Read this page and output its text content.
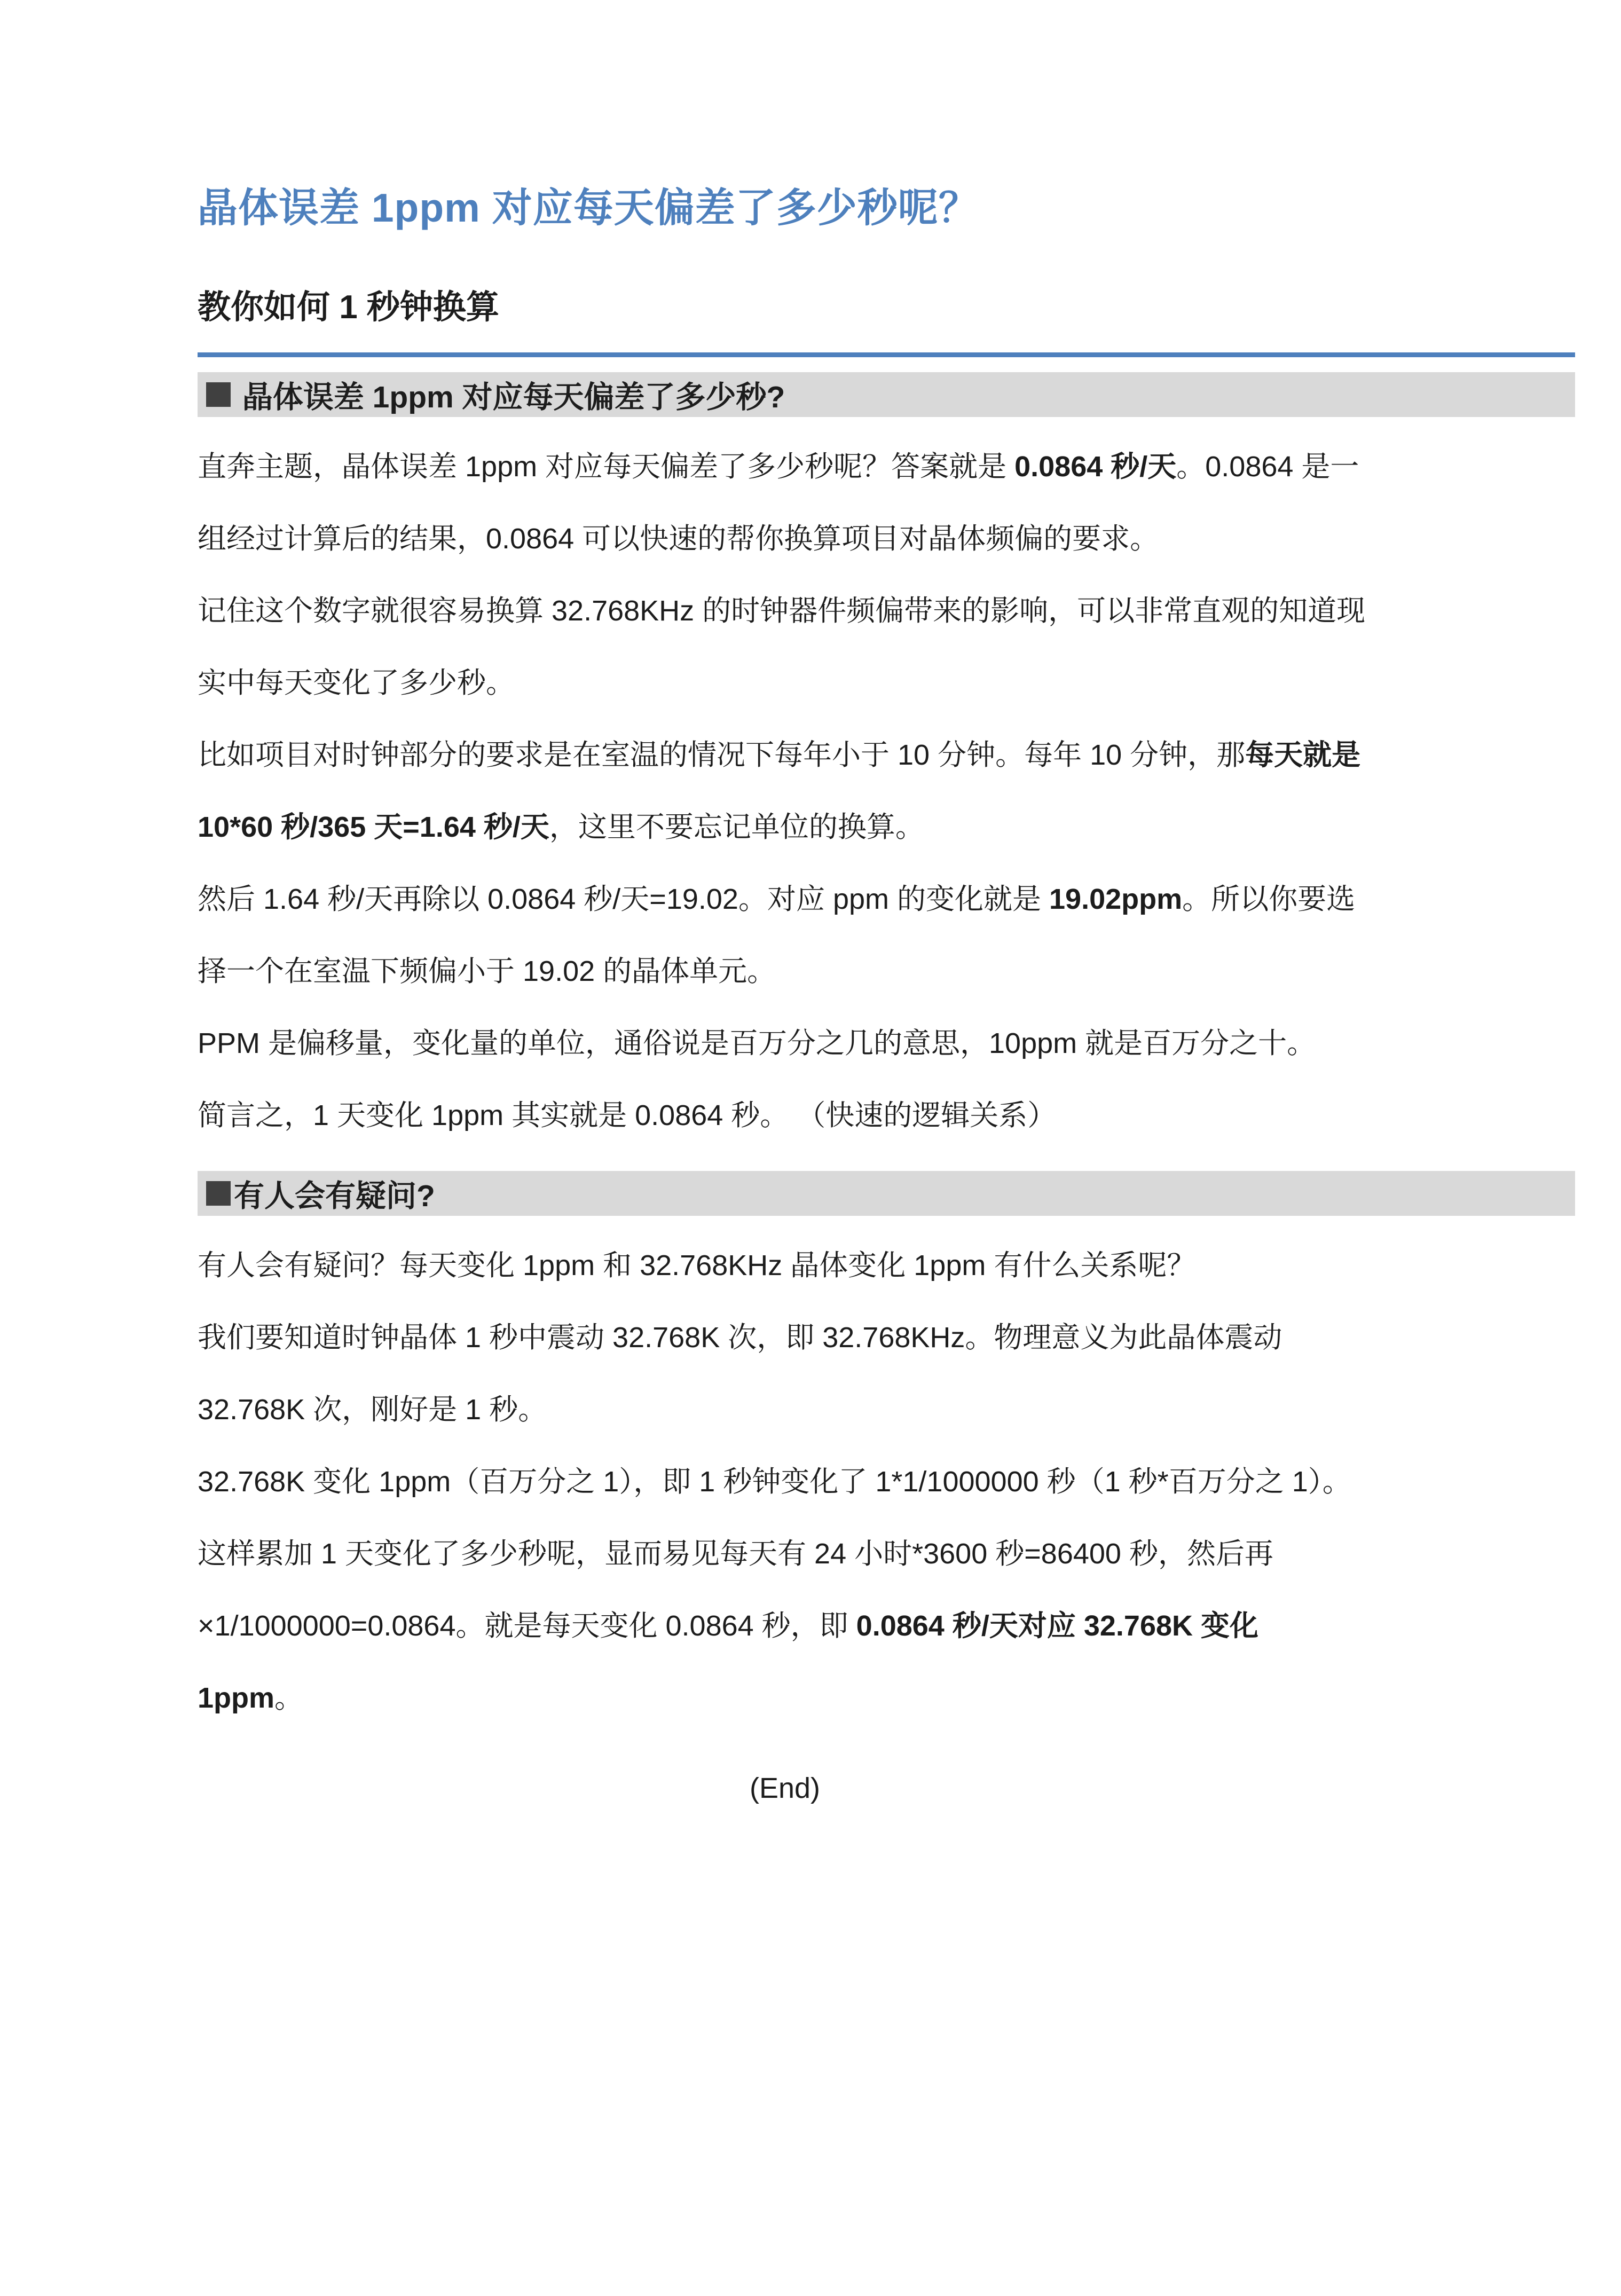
晶体误差 1ppm 对应每天偏差了多少秒呢？
教你如何 1 秒钟换算
晶体误差 1ppm 对应每天偏差了多少秒?

直奔主题，晶体误差 1ppm 对应每天偏差了多少秒呢？答案就是 0.0864 秒/天。0.0864 是一组经过计算后的结果，0.0864 可以快速的帮你换算项目对晶体频偏的要求。

记住这个数字就很容易换算 32.768KHz 的时钟器件频偏带来的影响，可以非常直观的知道现实中每天变化了多少秒。

比如项目对时钟部分的要求是在室温的情况下每年小于 10 分钟。每年 10 分钟，那每天就是 10*60 秒/365 天=1.64 秒/天，这里不要忘记单位的换算。

然后 1.64 秒/天再除以 0.0864 秒/天=19.02。对应 ppm 的变化就是 19.02ppm。所以你要选择一个在室温下频偏小于 19.02 的晶体单元。

PPM 是偏移量，变化量的单位，通俗说是百万分之几的意思，10ppm 就是百万分之十。

简言之，1 天变化 1ppm 其实就是 0.0864 秒。 （快速的逻辑关系）

有人会有疑问?

有人会有疑问？每天变化 1ppm 和 32.768KHz 晶体变化 1ppm 有什么关系呢？

我们要知道时钟晶体 1 秒中震动 32.768K 次，即 32.768KHz。物理意义为此晶体震动 32.768K 次，刚好是 1 秒。

32.768K 变化 1ppm（百万分之 1），即 1 秒钟变化了 1*1/1000000 秒（1 秒*百万分之 1）。

这样累加 1 天变化了多少秒呢，显而易见每天有 24 小时*3600 秒=86400 秒，然后再×1/1000000=0.0864。就是每天变化 0.0864 秒，即 0.0864 秒/天对应 32.768K 变化 1ppm。

(End)
